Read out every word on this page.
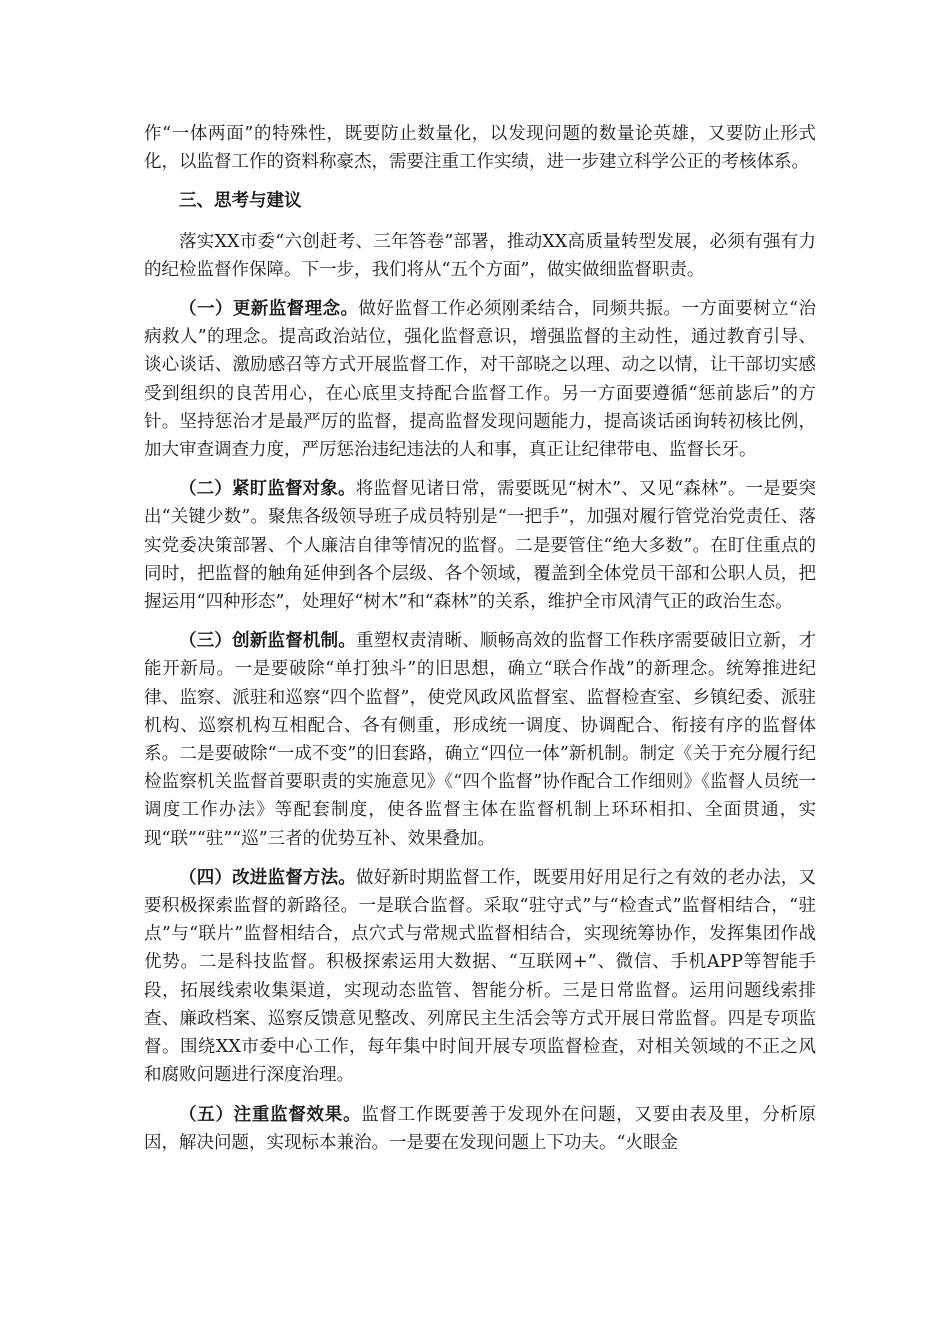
作“一体两面”的特殊性，既要防止数量化，以发现问题的数量论英雄，又要防止形式化，以监督工作的资料称豪杰，需要注重工作实绩，进一步建立科学公正的考核体系。

三、思考与建议

落实XX市委“六创赶考、三年答卷”部署，推动XX高质量转型发展，必须有强有力的纪检监督作保障。下一步，我们将从“五个方面”，做实做细监督职责。

（一）更新监督理念。做好监督工作必须刚柔结合，同频共振。一方面要树立“治病救人”的理念。提高政治站位，强化监督意识，增强监督的主动性，通过教育引导、谈心谈话、激励感召等方式开展监督工作，对干部晓之以理、动之以情，让干部切实感受到组织的良苦用心，在心底里支持配合监督工作。另一方面要遵循“惩前毖后”的方针。坚持惩治才是最严厉的监督，提高监督发现问题能力，提高谈话函询转初核比例，加大审查调查力度，严厉惩治违纪违法的人和事，真正让纪律带电、监督长牙。

（二）紧盯监督对象。将监督见诸日常，需要既见“树木”、又见“森林”。一是要突出“关键少数”。聚焦各级领导班子成员特别是“一把手”，加强对履行管党治党责任、落实党委决策部署、个人廉洁自律等情况的监督。二是要管住“绝大多数”。在盯住重点的同时，把监督的触角延伸到各个层级、各个领域，覆盖到全体党员干部和公职人员，把握运用“四种形态”，处理好“树木”和“森林”的关系，维护全市风清气正的政治生态。

（三）创新监督机制。重塑权责清晰、顺畅高效的监督工作秩序需要破旧立新，才能开新局。一是要破除“单打独斗”的旧思想，确立“联合作战”的新理念。统筹推进纪律、监察、派驻和巡察“四个监督”，使党风政风监督室、监督检查室、乡镇纪委、派驻机构、巡察机构互相配合、各有侧重，形成统一调度、协调配合、衔接有序的监督体系。二是要破除“一成不变”的旧套路，确立“四位一体”新机制。制定《关于充分履行纪检监察机关监督首要职责的实施意见》《“四个监督”协作配合工作细则》《监督人员统一调度工作办法》等配套制度，使各监督主体在监督机制上环环相扣、全面贯通，实现“联”“驻”“巡”三者的优势互补、效果叠加。

（四）改进监督方法。做好新时期监督工作，既要用好用足行之有效的老办法，又要积极探索监督的新路径。一是联合监督。采取“驻守式”与“检查式”监督相结合，“驻点”与“联片”监督相结合，点穴式与常规式监督相结合，实现统筹协作，发挥集团作战优势。二是科技监督。积极探索运用大数据、“互联网+”、微信、手机APP等智能手段，拓展线索收集渠道，实现动态监管、智能分析。三是日常监督。运用问题线索排查、廉政档案、巡察反馈意见整改、列席民主生活会等方式开展日常监督。四是专项监督。围绕XX市委中心工作，每年集中时间开展专项监督检查，对相关领域的不正之风和腐败问题进行深度治理。

（五）注重监督效果。监督工作既要善于发现外在问题，又要由表及里，分析原因，解决问题，实现标本兼治。一是要在发现问题上下功夫。“火眼金
